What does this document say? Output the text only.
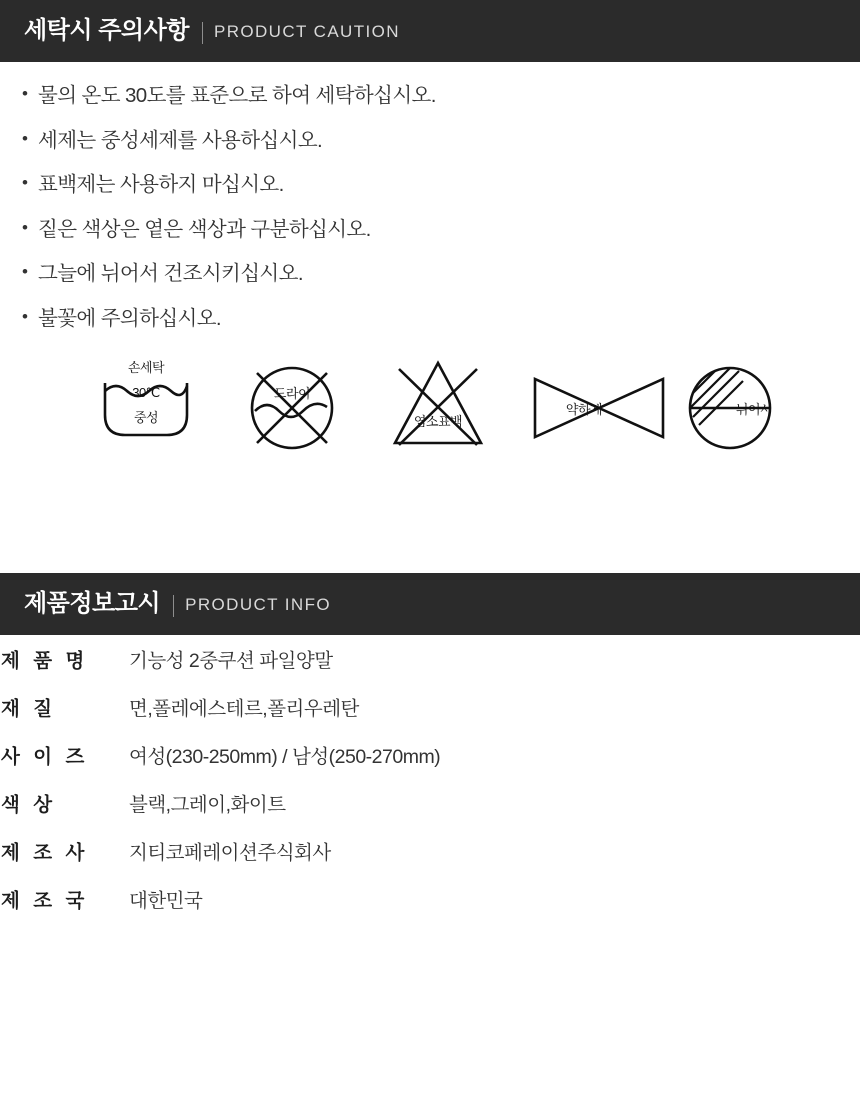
세탁시 주의사항 PRODUCT CAUTION
• 물의 온도 30도를 표준으로 하여 세탁하십시오.
• 세제는 중성세제를 사용하십시오.
• 표백제는 사용하지 마십시오.
• 짙은 색상은 옅은 색상과 구분하십시오.
• 그늘에 뉘어서 건조시키십시오.
• 불꽃에 주의하십시오.
손세탁
30℃
중성
드라이
염소표백
약하게	뉘어서
제품정보고시 PRODUCT INFO
제 품 명	기능성 2중쿠션 파일양말
재 질	면,폴레에스테르,폴리우레탄
사 이 즈	여성(230-250mm) / 남성(250-270mm)
색 상	블랙,그레이,화이트
제 조 사	지티코페레이션주식회사
제 조 국	대한민국
